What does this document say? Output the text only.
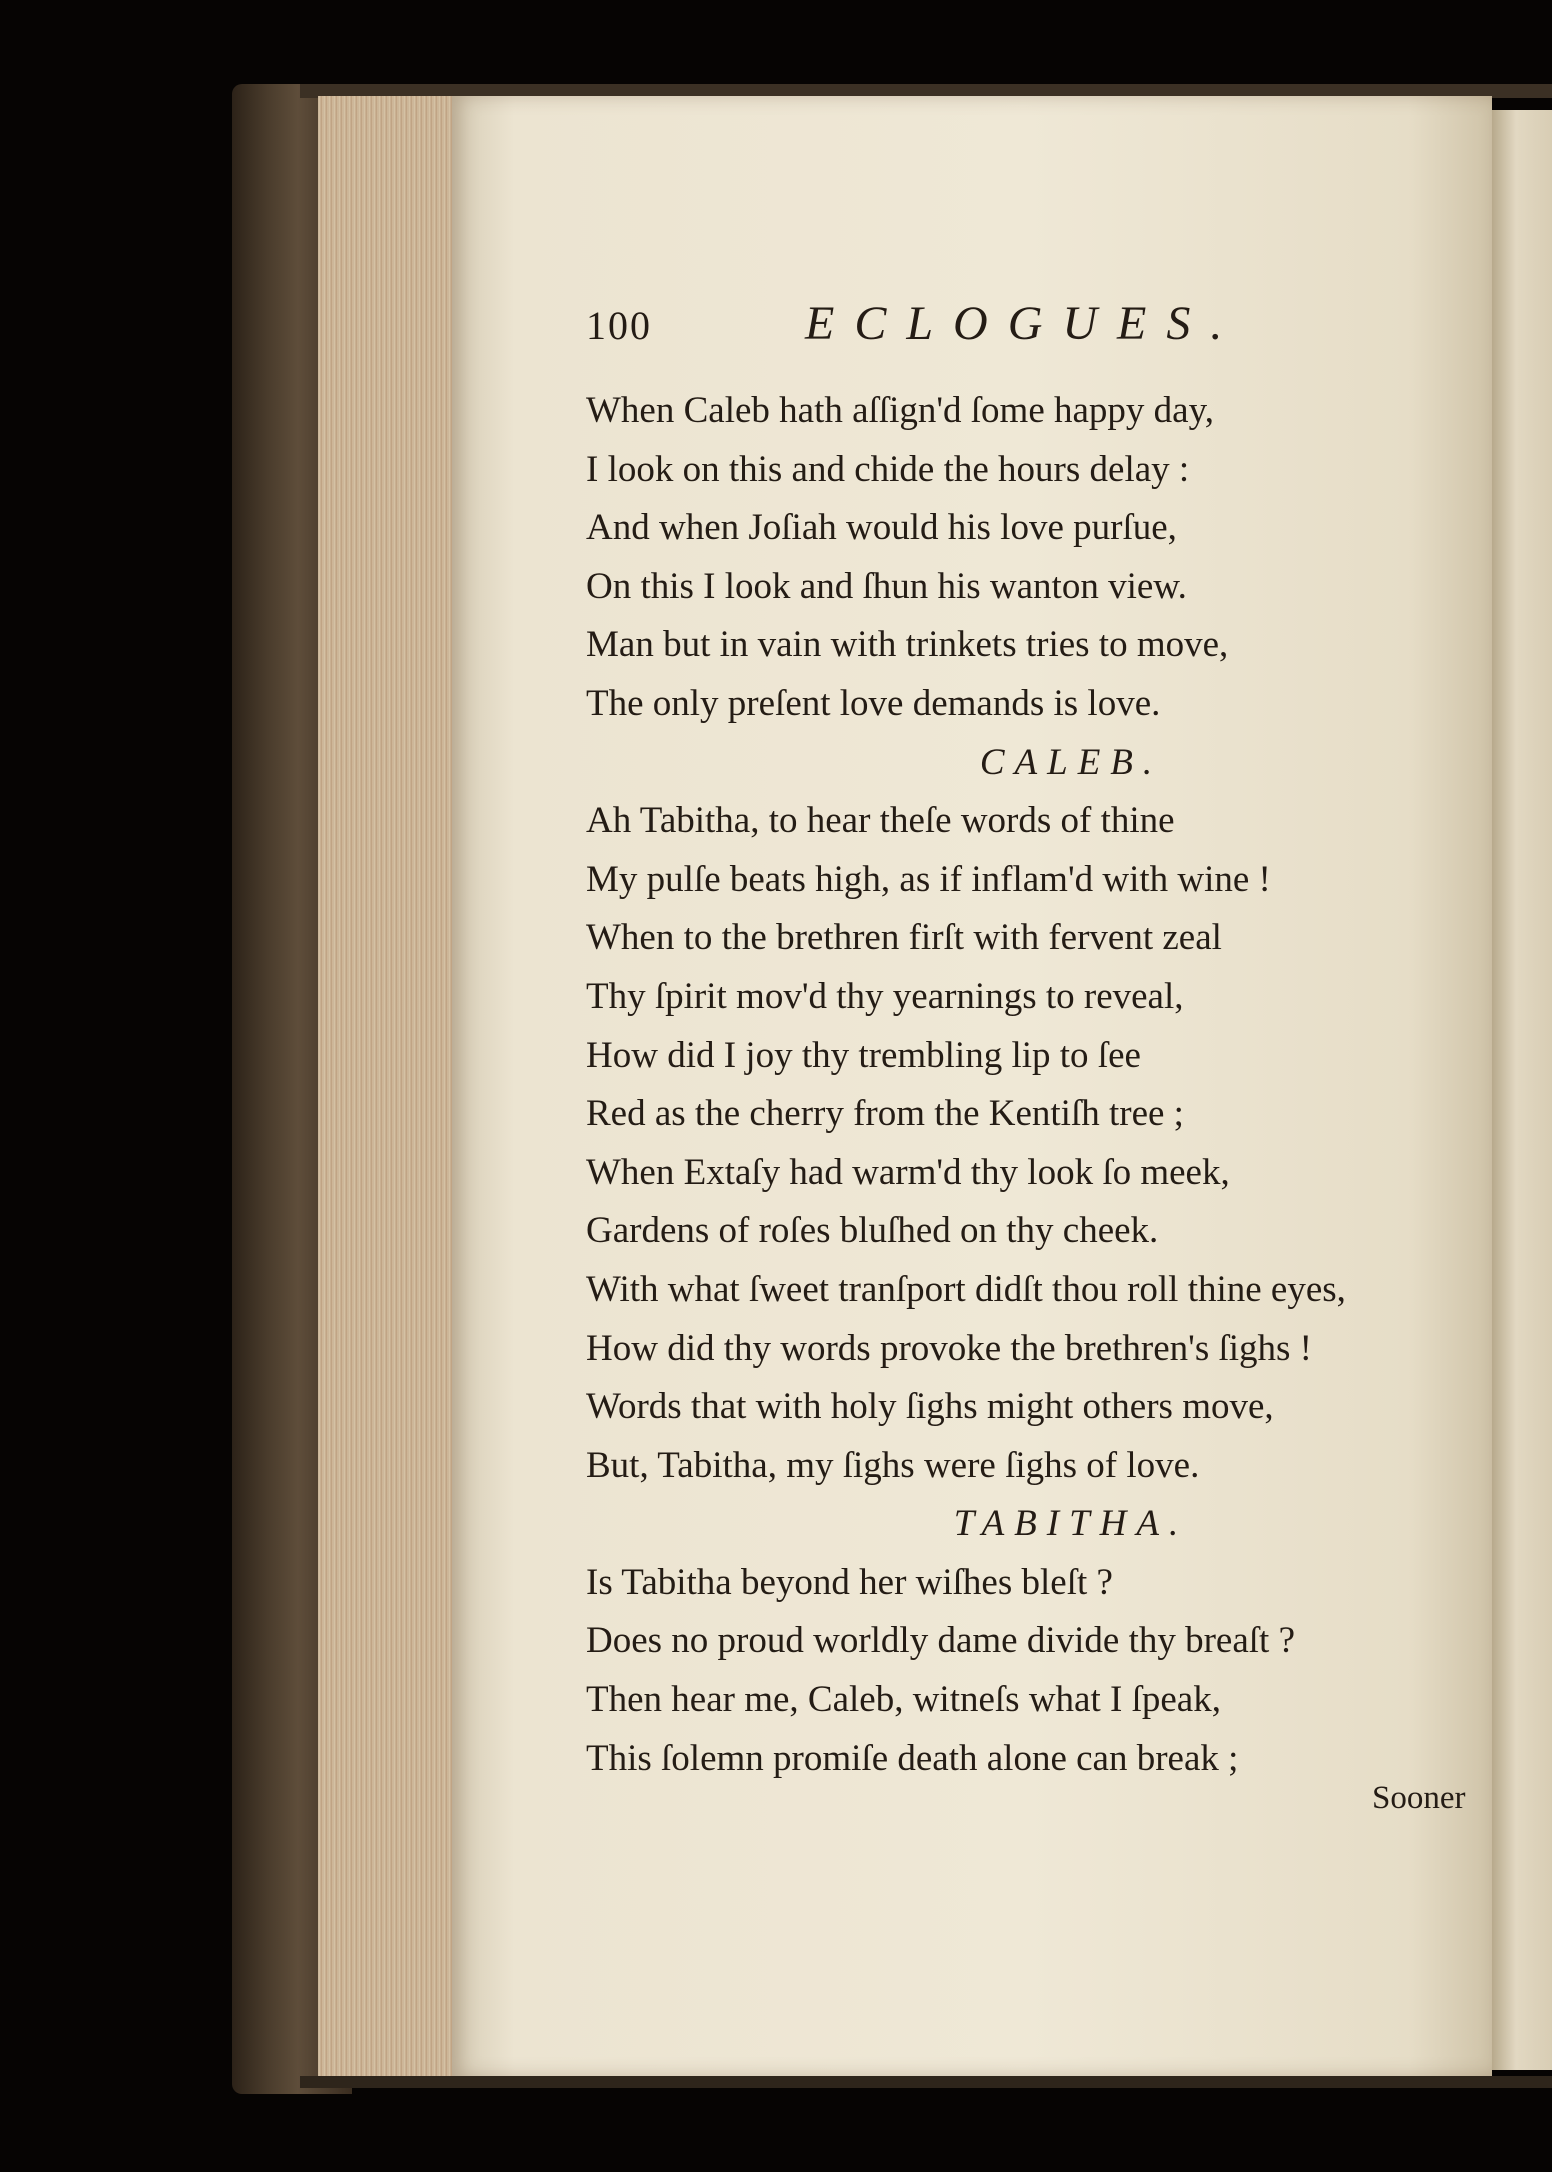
100	ECLOGUES.
When Caleb hath aſſign'd ſome happy day,
I look on this and chide the hours delay :
And when Joſiah would his love purſue,
On this I look and ſhun his wanton view.
Man but in vain with trinkets tries to move,
The only preſent love demands is love.
CALEB.
Ah Tabitha, to hear theſe words of thine
My pulſe beats high, as if inflam'd with wine !
When to the brethren firſt with fervent zeal
Thy ſpirit mov'd thy yearnings to reveal,
How did I joy thy trembling lip to ſee
Red as the cherry from the Kentiſh tree ;
When Extaſy had warm'd thy look ſo meek,
Gardens of roſes bluſhed on thy cheek.
With what ſweet tranſport didſt thou roll thine eyes,
How did thy words provoke the brethren's ſighs !
Words that with holy ſighs might others move,
But, Tabitha, my ſighs were ſighs of love.
TABITHA.
Is Tabitha beyond her wiſhes bleſt ?
Does no proud worldly dame divide thy breaſt ?
Then hear me, Caleb, witneſs what I ſpeak,
This ſolemn promiſe death alone can break ;
Sooner
